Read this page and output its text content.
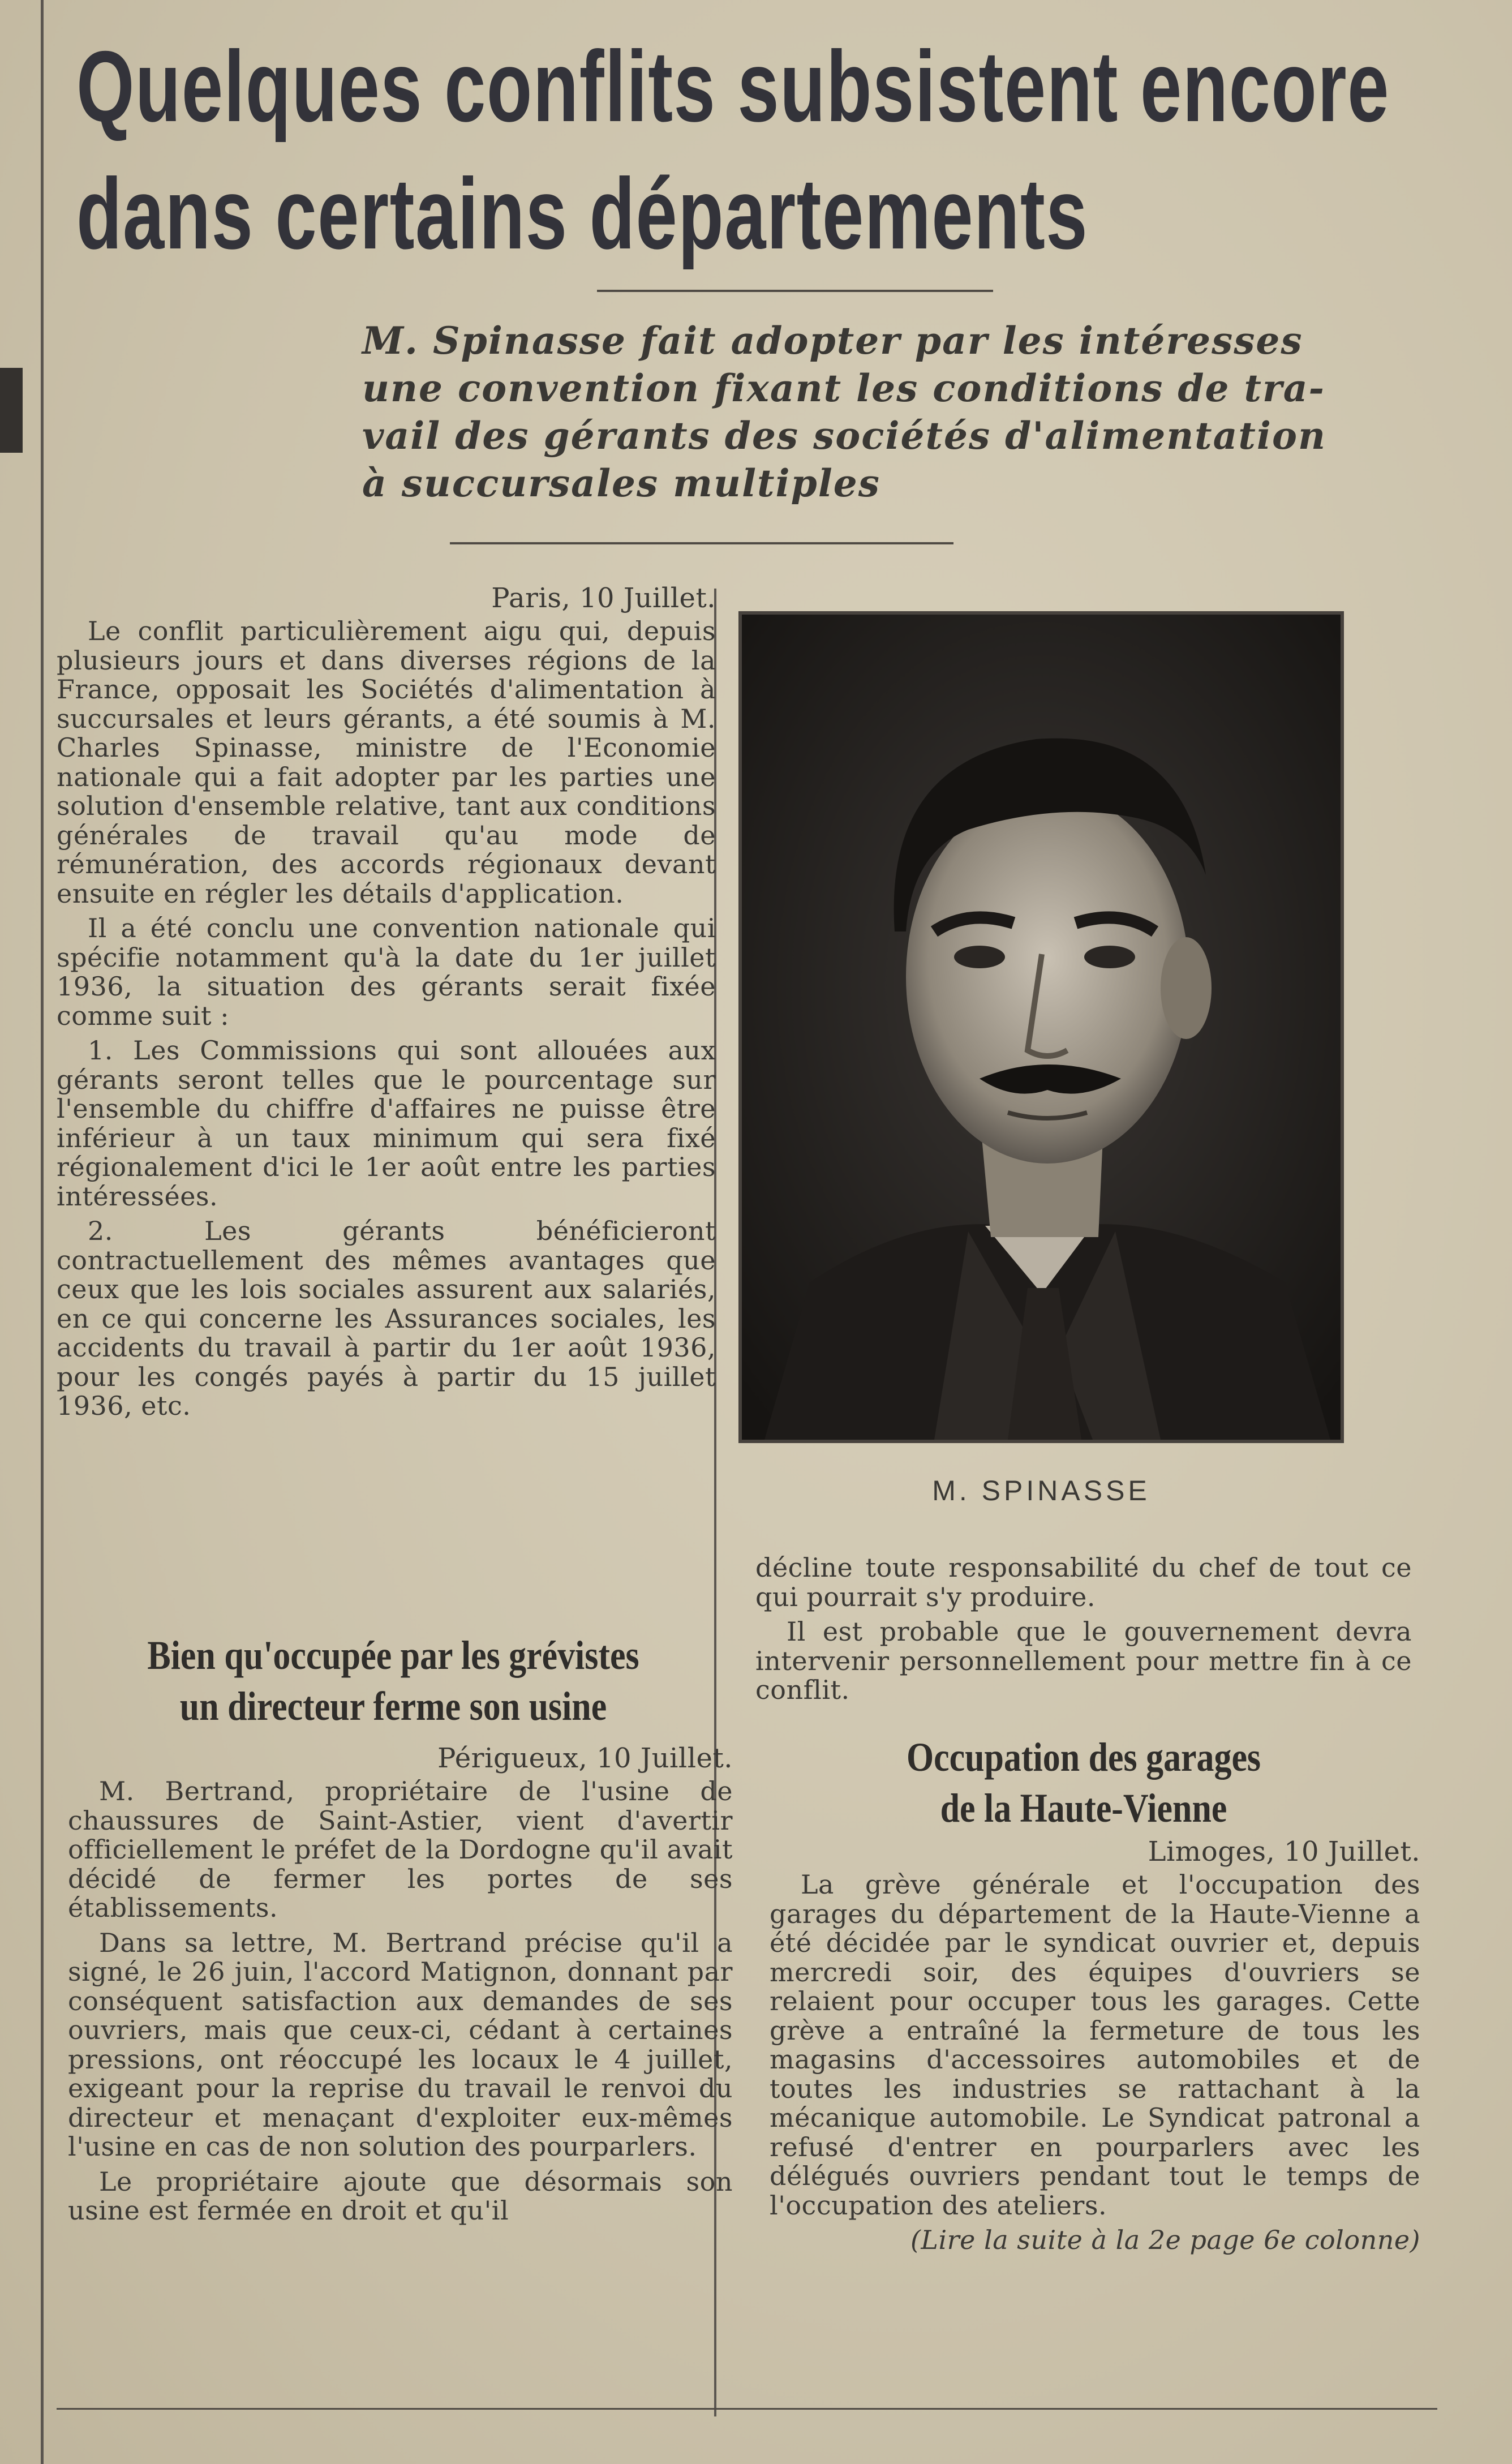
Quelques conflits subsistent encore
dans certains départements
M. Spinasse fait adopter par les intéresses
une convention fixant les conditions de tra-
vail des gérants des sociétés d'alimentation
à succursales multiples
Paris, 10 Juillet.

Le conflit particulièrement aigu qui, depuis plusieurs jours et dans diverses régions de la France, opposait les Sociétés d'alimentation à succursales et leurs gérants, a été soumis à M. Charles Spinasse, ministre de l'Economie nationale qui a fait adopter par les parties une solution d'ensemble relative, tant aux conditions générales de travail qu'au mode de rémunération, des accords régionaux devant ensuite en régler les détails d'application.

Il a été conclu une convention nationale qui spécifie notamment qu'à la date du 1er juillet 1936, la situation des gérants serait fixée comme suit :

1. Les Commissions qui sont allouées aux gérants seront telles que le pourcentage sur l'ensemble du chiffre d'affaires ne puisse être inférieur à un taux minimum qui sera fixé régionalement d'ici le 1er août entre les parties intéressées.

2. Les gérants bénéficieront contractuellement des mêmes avantages que ceux que les lois sociales assurent aux salariés, en ce qui concerne les Assurances sociales, les accidents du travail à partir du 1er août 1936, pour les congés payés à partir du 15 juillet 1936, etc.

M. SPINASSE
Bien qu'occupée par les grévistes
un directeur ferme son usine
Périgueux, 10 Juillet.

M. Bertrand, propriétaire de l'usine de chaussures de Saint-Astier, vient d'avertir officiellement le préfet de la Dordogne qu'il avait décidé de fermer les portes de ses établissements.

Dans sa lettre, M. Bertrand précise qu'il a signé, le 26 juin, l'accord Matignon, donnant par conséquent satisfaction aux demandes de ses ouvriers, mais que ceux-ci, cédant à certaines pressions, ont réoccupé les locaux le 4 juillet, exigeant pour la reprise du travail le renvoi du directeur et menaçant d'exploiter eux-mêmes l'usine en cas de non solution des pourparlers.

Le propriétaire ajoute que désormais son usine est fermée en droit et qu'il

décline toute responsabilité du chef de tout ce qui pourrait s'y produire.

Il est probable que le gouvernement devra intervenir personnellement pour mettre fin à ce conflit.

Occupation des garages
de la Haute-Vienne
Limoges, 10 Juillet.

La grève générale et l'occupation des garages du département de la Haute-Vienne a été décidée par le syndicat ouvrier et, depuis mercredi soir, des équipes d'ouvriers se relaient pour occuper tous les garages. Cette grève a entraîné la fermeture de tous les magasins d'accessoires automobiles et de toutes les industries se rattachant à la mécanique automobile. Le Syndicat patronal a refusé d'entrer en pourparlers avec les délégués ouvriers pendant tout le temps de l'occupation des ateliers.

(Lire la suite à la 2e page 6e colonne)
